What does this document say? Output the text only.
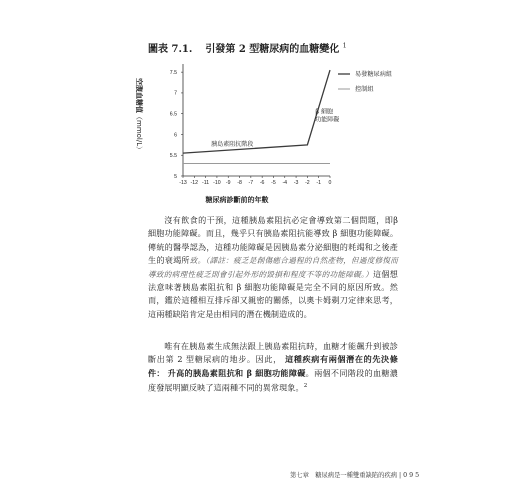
圖表 7.1. 引發第 2 型糖尿病的血糖變化 $^1$
空腹血糖值（mmol/L）
5
5.5
6
6.5
7
7.5
-13 -12 -11 -10 -9 -8 -7 -6 -5 -4 -3 -2 -1 0
胰島素阻抗階段
β 細胞
功能障礙
易發糖尿病組
控制組
糖尿病診斷前的年數

沒有飲食的干預，這種胰島素阻抗必定會導致第二個問題，即β 細胞功能障礙。而且，幾乎只有胰島素阻抗能導致 β 細胞功能障礙。傳統的醫學認為，這種功能障礙是因胰島素分泌細胞的耗竭和之後產生的衰竭所致。（譯註：疲乏是創傷癒合過程的自然產物，但過度修復而導致的病理性疲乏則會引起外形的毀損和程度不等的功能障礙。）這個想法意味著胰島素阻抗和 β 細胞功能障礙是完全不同的原因所致。然而，鑑於這種相互排斥卻又親密的關係，以奧卡姆剃刀定律來思考，這兩種缺陷肯定是由相同的潛在機制造成的。

唯有在胰島素生成無法跟上胰島素阻抗時，血糖才能飆升到被診斷出第 2 型糖尿病的地步。因此， 這種疾病有兩個潛在的先決條件： 升高的胰島素阻抗和 β 細胞功能障礙。兩個不同階段的血糖濃度發展明顯反映了這兩種不同的異常現象。$^2$

第七章　糖尿病是一種雙重缺陷的疾病 | 0 9 5
